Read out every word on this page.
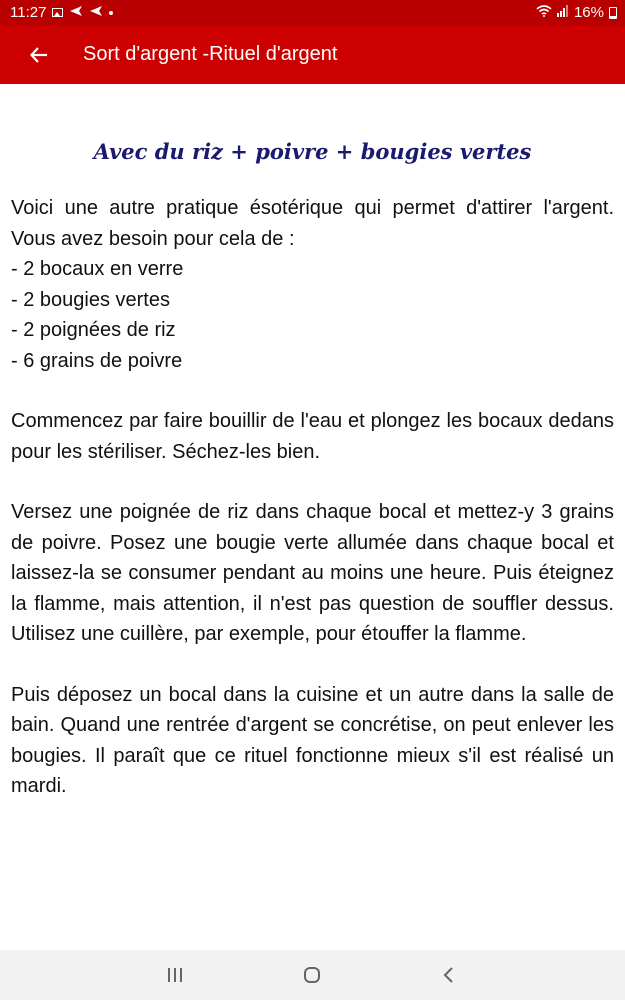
11:27	16%
Sort d'argent -Rituel d'argent
Avec du riz + poivre + bougies vertes

Voici une autre pratique ésotérique qui permet d'attirer l'argent. Vous avez besoin pour cela de :

- 2 bocaux en verre
- 2 bougies vertes
- 2 poignées de riz
- 6 grains de poivre

Commencez par faire bouillir de l'eau et plongez les bocaux dedans pour les stériliser. Séchez-les bien.

Versez une poignée de riz dans chaque bocal et mettez-y 3 grains de poivre. Posez une bougie verte allumée dans chaque bocal et laissez-la se consumer pendant au moins une heure. Puis éteignez la flamme, mais attention, il n'est pas question de souffler dessus. Utilisez une cuillère, par exemple, pour étouffer la flamme.

Puis déposez un bocal dans la cuisine et un autre dans la salle de bain. Quand une rentrée d'argent se concrétise, on peut enlever les bougies. Il paraît que ce rituel fonctionne mieux s'il est réalisé un mardi.
